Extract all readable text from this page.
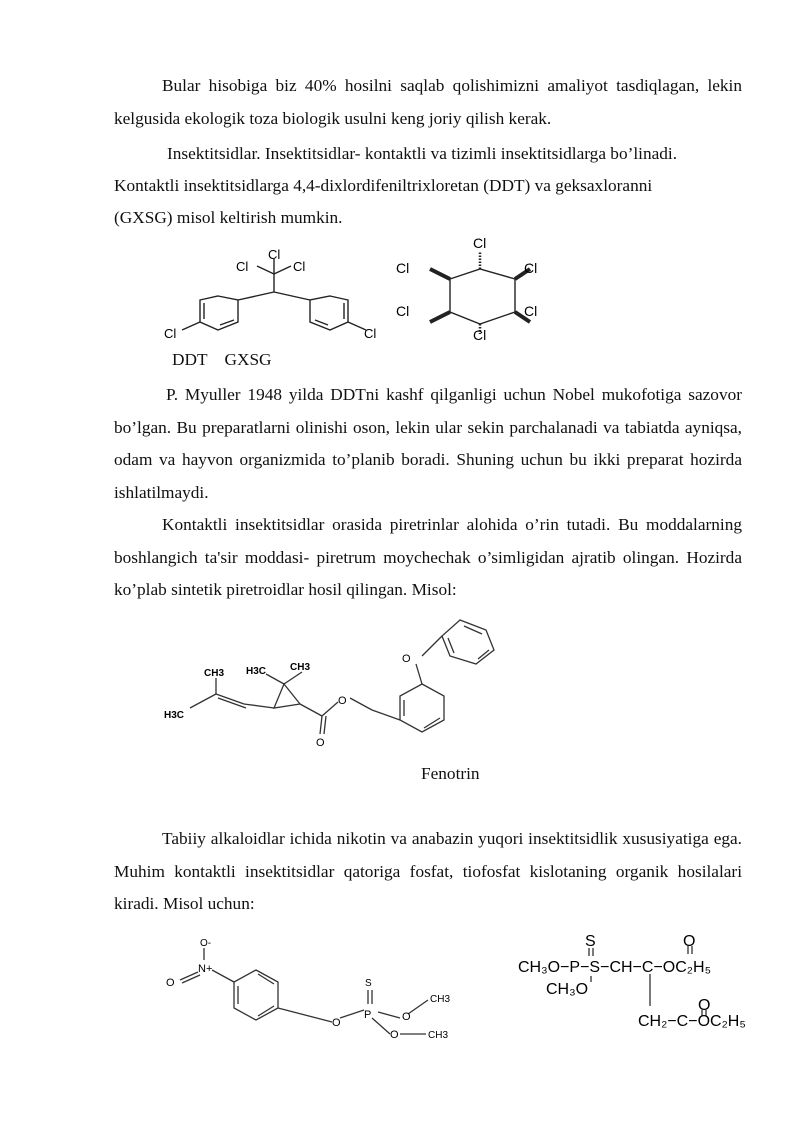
Bular hisobiga biz 40% hosilni saqlab qolishimizni amaliyot tasdiqlagan, lekin kelgusida ekologik toza biologik usulni keng joriy qilish kerak.

Insektitsidlar. Insektitsidlar- kontaktli va tizimli insektitsidlarga bo’linadi.
Kontaktli insektitsidlarga 4,4-dixlordifeniltrixloretan (DDT) va geksaxloranni
(GXSG) misol keltirish mumkin.
Cl
Cl	Cl
Cl	Cl
Cl
Cl	Cl
Cl	Cl
Cl
DDT    GXSG

P. Myuller 1948 yilda DDTni kashf qilganligi uchun Nobel mukofotiga sazovor bo’lgan. Bu preparatlarni olinishi oson, lekin ular sekin parchalanadi va tabiatda ayniqsa, odam va hayvon organizmida to’planib boradi. Shuning uchun bu ikki preparat hozirda ishlatilmaydi.

Kontaktli insektitsidlar orasida piretrinlar alohida o’rin tutadi. Bu moddalarning boshlangich ta'sir moddasi- piretrum moychechak o’simligidan ajratib olingan. Hozirda ko’plab sintetik piretroidlar hosil qilingan. Misol:

O
O
O
H3C CH3
CH3
H3C
Fenotrin

Tabiiy alkaloidlar ichida nikotin va anabazin yuqori insektitsidlik xususiyatiga ega. Muhim kontaktli insektitsidlar qatoriga fosfat, tiofosfat kislotaning organik hosilalari kiradi. Misol uchun:

O-
N+
O
O
P
S
O
O
CH3
CH3
S	O
CH₃O−P−S−CH−C−OC₂H₅
CH₃O
O
CH₂−C−OC₂H₅
